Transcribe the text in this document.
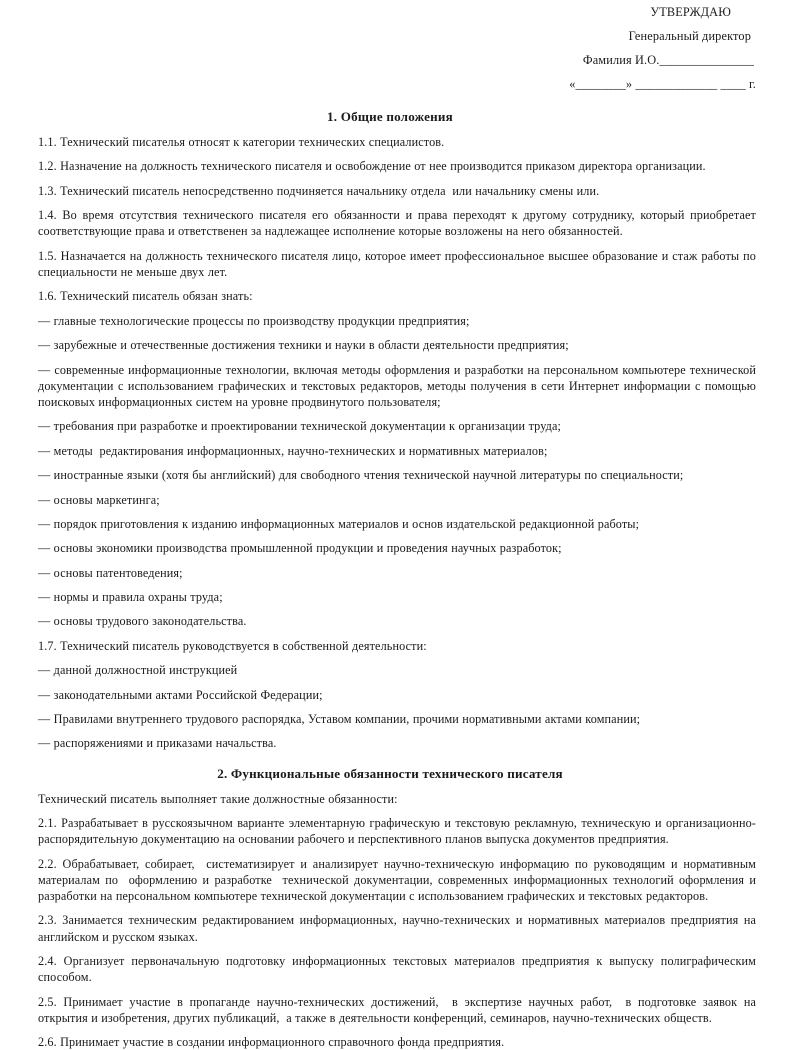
УТВЕРЖДАЮ
Генеральный директор
Фамилия И.О._______________
«________» _____________ ____ г.
1. Общие положения

1.1. Технический писателья относят к категории технических специалистов.

1.2. Назначение на должность технического писателя и освобождение от нее производится приказом директора организации.

1.3. Технический писатель непосредственно подчиняется начальнику отдела  или начальнику смены или.

1.4. Во время отсутствия технического писателя его обязанности и права переходят к другому сотруднику, который приобретает соответствующие права и ответственен за надлежащее исполнение которые возложены на него обязанностей.

1.5. Назначается на должность технического писателя лицо, которое имеет профессиональное высшее образование и стаж работы по специальности не меньше двух лет.

1.6. Технический писатель обязан знать:

— главные технологические процессы по производству продукции предприятия;

— зарубежные и отечественные достижения техники и науки в области деятельности предприятия;

— современные информационные технологии, включая методы оформления и разработки на персональном компьютере технической документации с использованием графических и текстовых редакторов, методы получения в сети Интернет информации с помощью поисковых информационных систем на уровне продвинутого пользователя;

— требования при разработке и проектировании технической документации к организации труда;

— методы  редактирования информационных, научно-технических и нормативных материалов;

— иностранные языки (хотя бы английский) для свободного чтения технической научной литературы по специальности;

— основы маркетинга;

— порядок приготовления к изданию информационных материалов и основ издательской редакционной работы;

— основы экономики производства промышленной продукции и проведения научных разработок;

— основы патентоведения;

— нормы и правила охраны труда;

— основы трудового законодательства.

1.7. Технический писатель руководствуется в собственной деятельности:

— данной должностной инструкцией

— законодательными актами Российской Федерации;

— Правилами внутреннего трудового распорядка, Уставом компании, прочими нормативными актами компании;

— распоряжениями и приказами начальства.

2. Функциональные обязанности технического писателя

Технический писатель выполняет такие должностные обязанности:

2.1. Разрабатывает в русскоязычном варианте элементарную графическую и текстовую рекламную, техническую и организационно-распорядительную документацию на основании рабочего и перспективного планов выпуска документов предприятия.

2.2. Обрабатывает, собирает,  систематизирует и анализирует научно-техническую информацию по руководящим и нормативным материалам по  оформлению и разработке  технической документации, современных информационных технологий оформления и разработки на персональном компьютере технической документации с использованием графических и текстовых редакторов.

2.3. Занимается техническим редактированием информационных, научно-технических и нормативных материалов предприятия на английском и русском языках.

2.4. Организует первоначальную подготовку информационных текстовых материалов предприятия к выпуску полиграфическим способом.

2.5. Принимает участие в пропаганде научно-технических достижений,  в экспертизе научных работ,  в подготовке заявок на открытия и изобретения, других публикаций,  а также в деятельности конференций, семинаров, научно-технических обществ.

2.6. Принимает участие в создании информационного справочного фонда предприятия.
